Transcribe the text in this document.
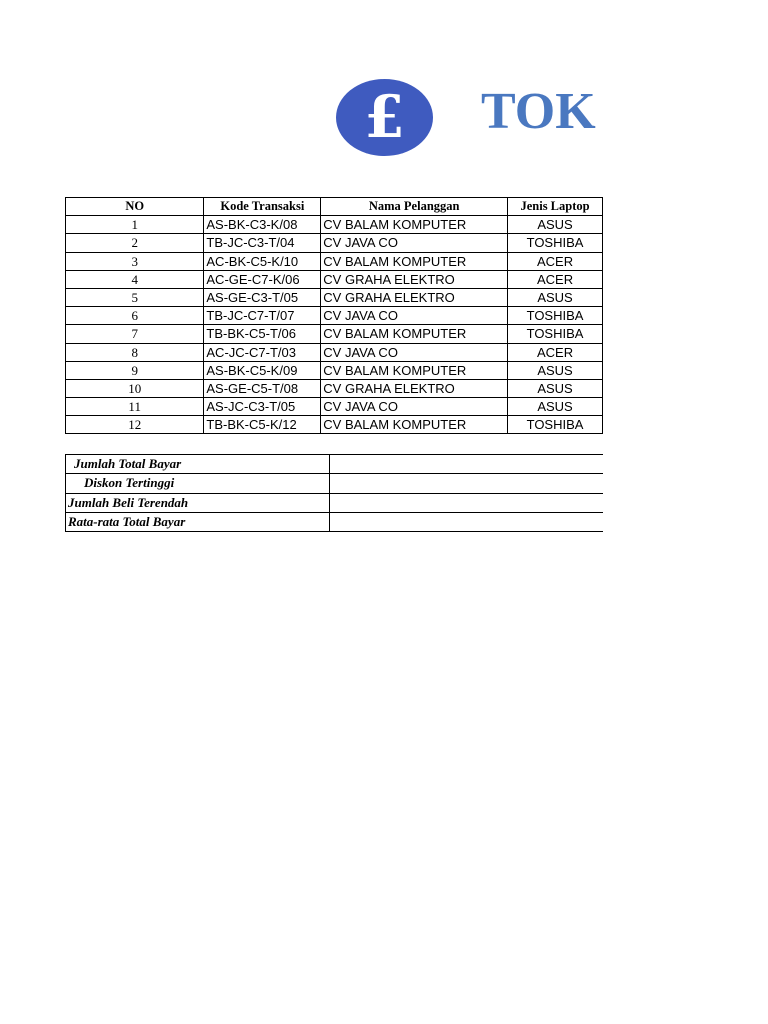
£ TOK
NO	Kode Transaksi	Nama Pelanggan	Jenis Laptop
1	AS-BK-C3-K/08	CV BALAM KOMPUTER	ASUS
2	TB-JC-C3-T/04	CV JAVA CO	TOSHIBA
3	AC-BK-C5-K/10	CV BALAM KOMPUTER	ACER
4	AC-GE-C7-K/06	CV GRAHA ELEKTRO	ACER
5	AS-GE-C3-T/05	CV GRAHA ELEKTRO	ASUS
6	TB-JC-C7-T/07	CV JAVA CO	TOSHIBA
7	TB-BK-C5-T/06	CV BALAM KOMPUTER	TOSHIBA
8	AC-JC-C7-T/03	CV JAVA CO	ACER
9	AS-BK-C5-K/09	CV BALAM KOMPUTER	ASUS
10	AS-GE-C5-T/08	CV GRAHA ELEKTRO	ASUS
11	AS-JC-C3-T/05	CV JAVA CO	ASUS
12	TB-BK-C5-K/12	CV BALAM KOMPUTER	TOSHIBA
Jumlah Total Bayar	
Diskon Tertinggi	
Jumlah Beli Terendah	
Rata-rata Total Bayar	
